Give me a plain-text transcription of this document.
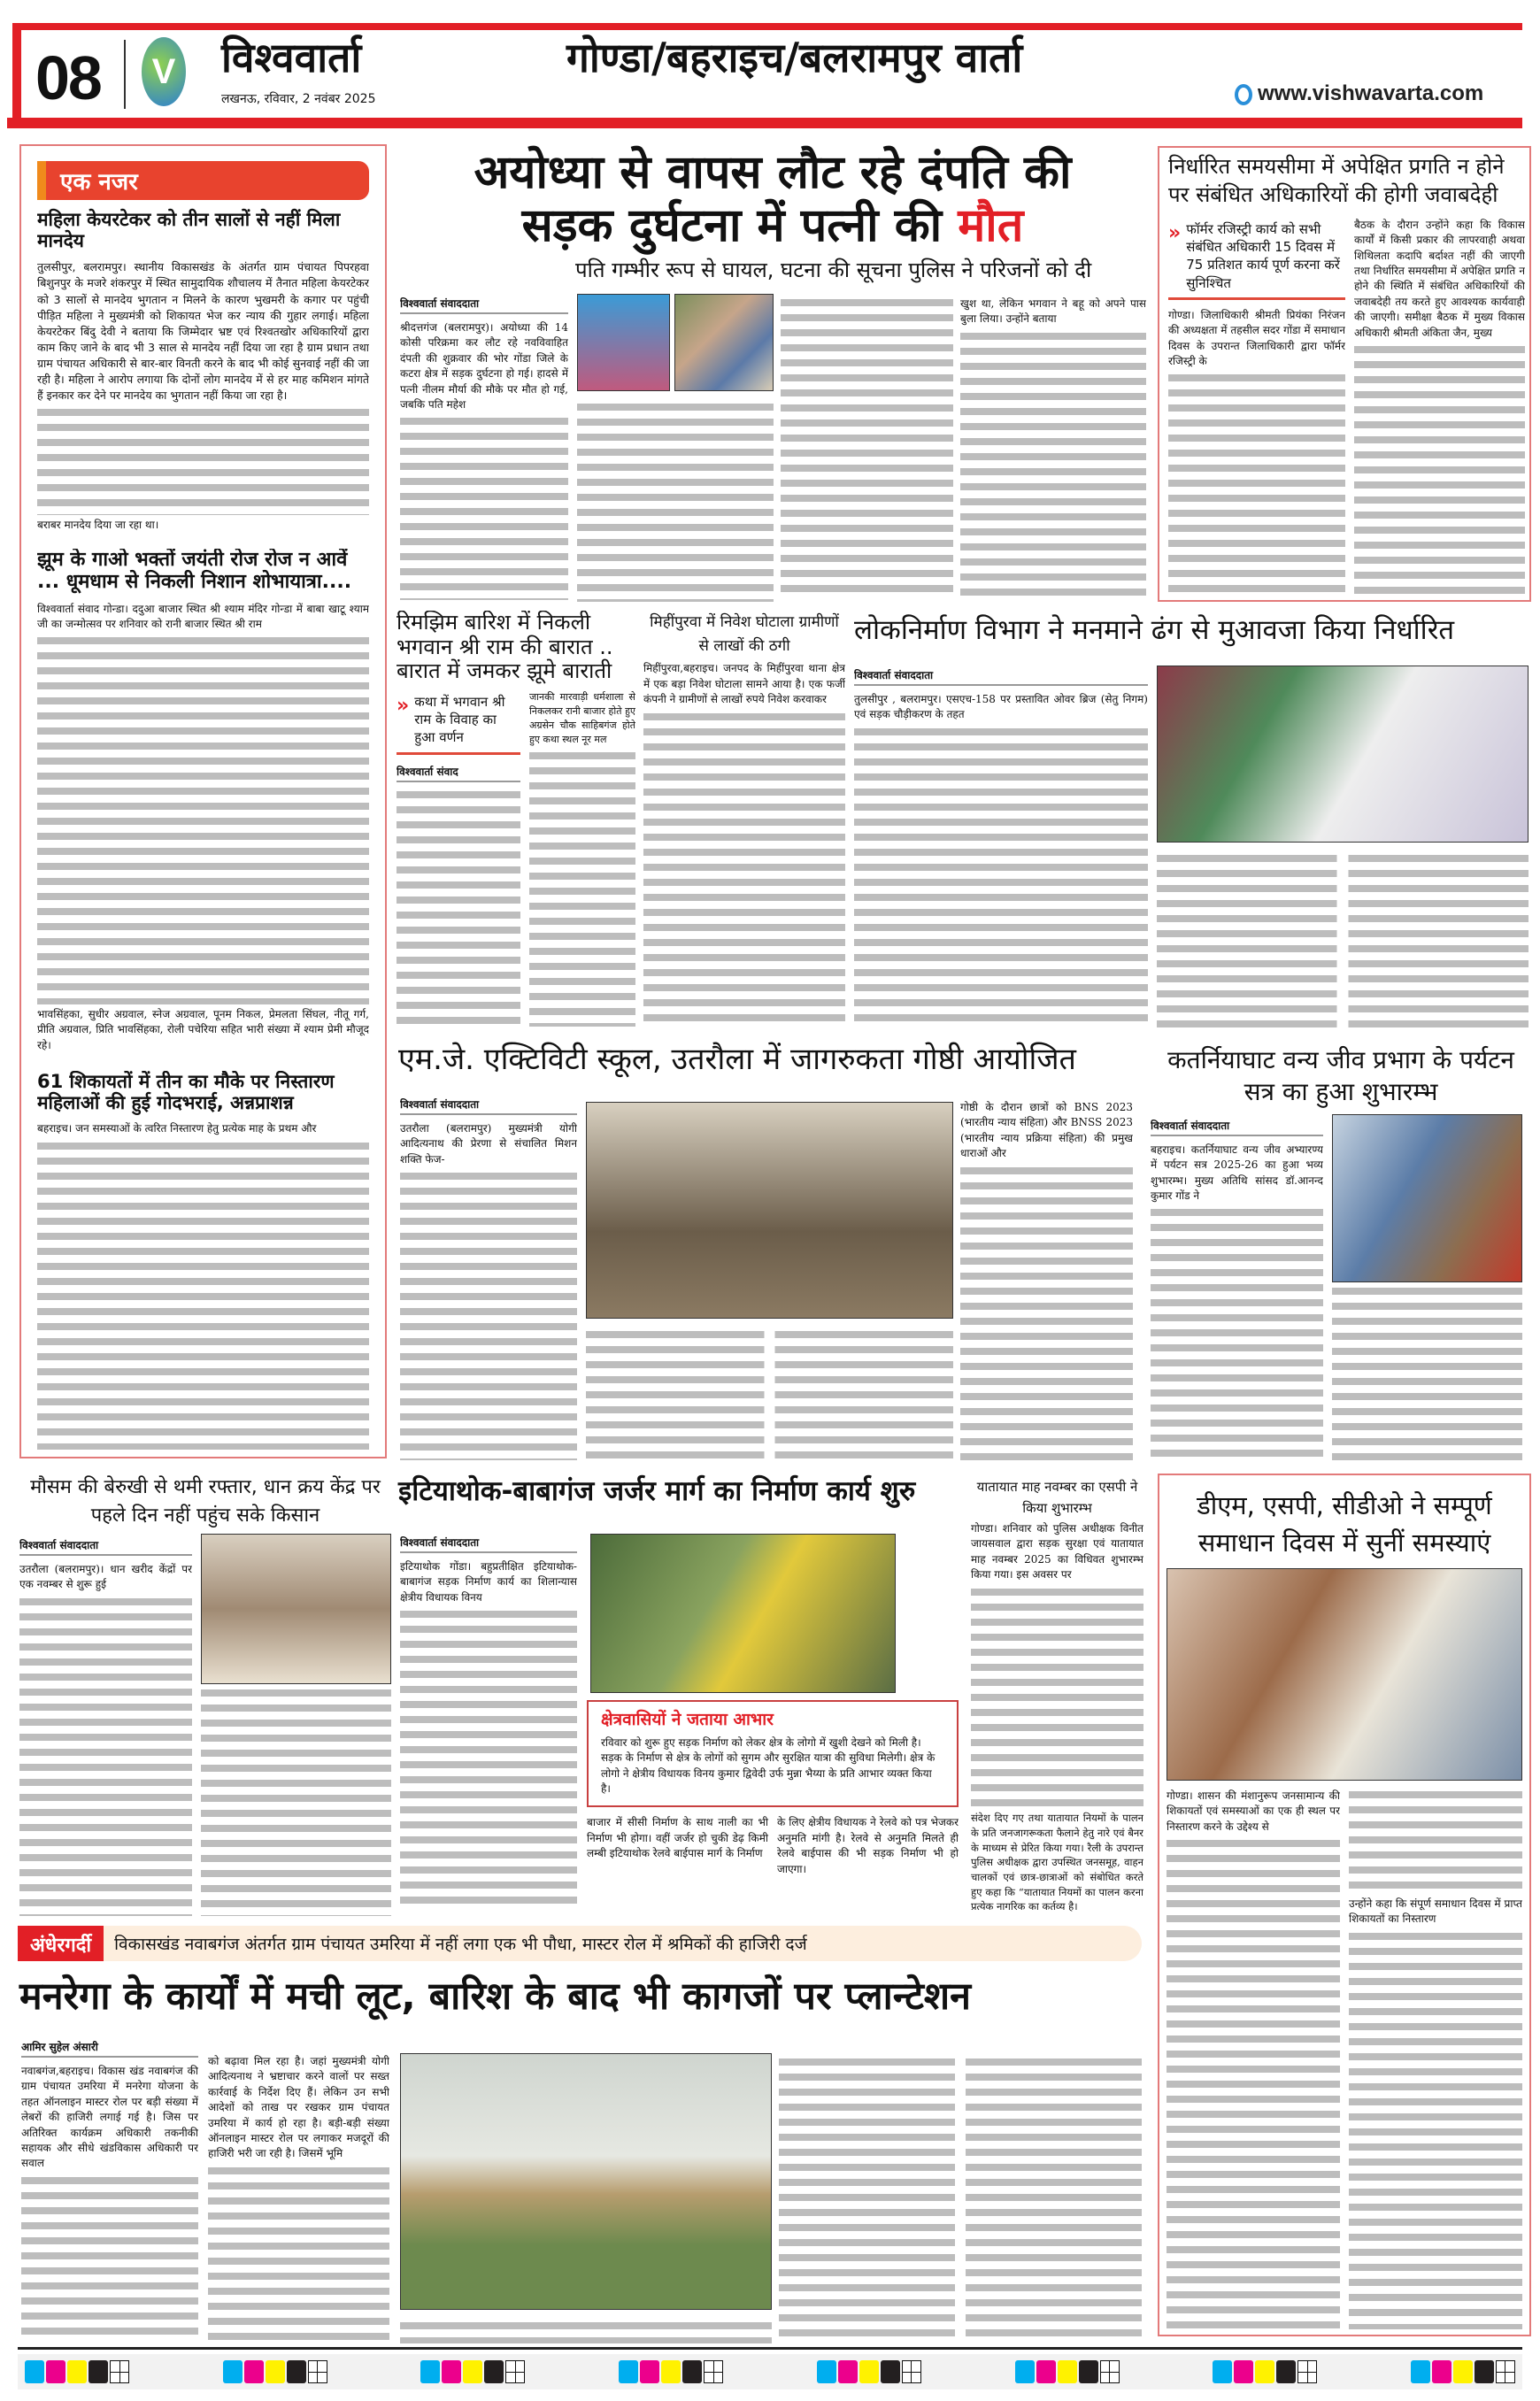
08 V विश्ववार्ता
लखनऊ, रविवार, 2 नवंबर 2025
गोण्डा/बहराइच/बलरामपुर वार्ता
www.vishwavarta.com
एक नजर
महिला केयरटेकर को तीन सालों से नहीं मिला मानदेय
तुलसीपुर, बलरामपुर। स्थानीय विकासखंड के अंतर्गत ग्राम पंचायत पिपरहवा बिशुनपुर के मजरे शंकरपुर में स्थित सामुदायिक शौचालय में तैनात महिला केयरटेकर को 3 सालों से मानदेय भुगतान न मिलने के कारण भुखमरी के कगार पर पहुंची पीड़ित महिला ने मुख्यमंत्री को शिकायत भेज कर न्याय की गुहार लगाई। महिला केयरटेकर बिंदु देवी ने बताया कि जिम्मेदार भ्रष्ट एवं रिश्वतखोर अधिकारियों द्वारा काम किए जाने के बाद भी 3 साल से मानदेय नहीं दिया जा रहा है ग्राम प्रधान तथा ग्राम पंचायत अधिकारी से बार-बार विनती करने के बाद भी कोई सुनवाई नहीं की जा रही है। महिला ने आरोप लगाया कि दोनों लोग मानदेय में से हर माह कमिशन मांगते हैं इनकार कर देने पर मानदेय का भुगतान नहीं किया जा रहा है।
बराबर मानदेय दिया जा रहा था।
झूम के गाओ भक्तों जयंती रोज रोज न आवें ... धूमधाम से निकली निशान शोभायात्रा....
विश्ववार्ता संवाद गोन्डा। ददुआ बाजार स्थित श्री श्याम मंदिर गोन्डा में बाबा खाटू श्याम जी का जन्मोत्सव पर शनिवार को रानी बाजार स्थित श्री राम
भावसिंहका, सुधीर अग्रवाल, स्नेज अग्रवाल, पूनम निकल, प्रेमलता सिंघल, नीतू गर्ग, प्रीति अग्रवाल, प्रिति भावसिंहका, रोली पचेरिया सहित भारी संख्या में श्याम प्रेमी मौजूद रहे।
61 शिकायतों में तीन का मौके पर निस्तारण महिलाओं की हुई गोदभराई, अन्नप्राशन्न
बहराइच। जन समस्याओं के त्वरित निस्तारण हेतु प्रत्येक माह के प्रथम और
अयोध्या से वापस लौट रहे दंपति की
सड़क दुर्घटना में पत्नी की मौत
विश्ववार्ता संवाददाता
श्रीदत्तगंज (बलरामपुर)। अयोध्या की 14 कोसी परिक्रमा कर लौट रहे नवविवाहित दंपती की शुक्रवार की भोर गोंडा जिले के कटरा क्षेत्र में सड़क दुर्घटना हो गई। हादसे में पत्नी नीलम मौर्या की मौके पर मौत हो गई, जबकि पति महेश
पति गम्भीर रूप से घायल, घटना की सूचना पुलिस ने परिजनों को दी
खुश था, लेकिन भगवान ने बहू को अपने पास बुला लिया। उन्होंने बताया
निर्धारित समयसीमा में अपेक्षित प्रगति न होने पर संबंधित अधिकारियों की होगी जवाबदेही
» फॉर्मर रजिस्ट्री कार्य को सभी संबंधित अधिकारी 15 दिवस में 75 प्रतिशत कार्य पूर्ण करना करें सुनिश्चित
गोण्डा। जिलाधिकारी श्रीमती प्रियंका निरंजन की अध्यक्षता में तहसील सदर गोंडा में समाधान दिवस के उपरान्त जिलाधिकारी द्वारा फॉर्मर रजिस्ट्री के
बैठक के दौरान उन्होंने कहा कि विकास कार्यों में किसी प्रकार की लापरवाही अथवा शिथिलता कदापि बर्दाश्त नहीं की जाएगी तथा निर्धारित समयसीमा में अपेक्षित प्रगति न होने की स्थिति में संबंधित अधिकारियों की जवाबदेही तय करते हुए आवश्यक कार्यवाही की जाएगी। समीक्षा बैठक में मुख्य विकास अधिकारी श्रीमती अंकिता जैन, मुख्य
रिमझिम बारिश में निकली भगवान श्री राम की बारात .. बारात में जमकर झूमे बाराती
» कथा में भगवान श्री राम के विवाह का हुआ वर्णन
विश्ववार्ता संवाद
जानकी मारवाड़ी धर्मशाला से निकलकर रानी बाजार होते हुए अग्रसेन चौक साहिबगंज होते हुए कथा स्थल नूर मल
मिहींपुरवा में निवेश घोटाला ग्रामीणों से लाखों की ठगी
मिहींपुरवा,बहराइच। जनपद के मिहींपुरवा थाना क्षेत्र में एक बड़ा निवेश घोटाला सामने आया है। एक फर्जी कंपनी ने ग्रामीणों से लाखों रुपये निवेश करवाकर
लोकनिर्माण विभाग ने मनमाने ढंग से मुआवजा किया निर्धारित
विश्ववार्ता संवाददाता
तुलसीपुर , बलरामपुर। एसएच-158 पर प्रस्तावित ओवर ब्रिज (सेतु निगम) एवं सड़क चौड़ीकरण के तहत
एम.जे. एक्टिविटी स्कूल, उतरौला में जागरुकता गोष्ठी आयोजित
विश्ववार्ता संवाददाता
उतरौला (बलरामपुर) मुख्यमंत्री योगी आदित्यनाथ की प्रेरणा से संचालित मिशन शक्ति फेज-
गोष्ठी के दौरान छात्रों को BNS 2023 (भारतीय न्याय संहिता) और BNSS 2023 (भारतीय न्याय प्रक्रिया संहिता) की प्रमुख धाराओं और
कतर्नियाघाट वन्य जीव प्रभाग के पर्यटन सत्र का हुआ शुभारम्भ
विश्ववार्ता संवाददाता
बहराइच। कतर्नियाघाट वन्य जीव अभ्यारण्य में पर्यटन सत्र 2025-26 का हुआ भव्य शुभारम्भ। मुख्य अतिथि सांसद डॉ.आनन्द कुमार गोंड ने
मौसम की बेरुखी से थमी रफ्तार, धान क्रय केंद्र पर पहले दिन नहीं पहुंच सके किसान
विश्ववार्ता संवाददाता
उतरौला (बलरामपुर)। धान खरीद केंद्रों पर एक नवम्बर से शुरू हुई
इटियाथोक-बाबागंज जर्जर मार्ग का निर्माण कार्य शुरु
विश्ववार्ता संवाददाता
इटियाथोक गोंडा। बहुप्रतीक्षित इटियाथोक-बाबागंज सड़क निर्माण कार्य का शिलान्यास क्षेत्रीय विधायक विनय
क्षेत्रवासियों ने जताया आभार
रविवार को शुरू हुए सड़क निर्माण को लेकर क्षेत्र के लोगो में खुशी देखने को मिली है। सड़क के निर्माण से क्षेत्र के लोगों को सुगम और सुरक्षित यात्रा की सुविधा मिलेगी। क्षेत्र के लोगो ने क्षेत्रीय विधायक विनय कुमार द्विवेदी उर्फ मुन्ना भैय्या के प्रति आभार व्यक्त किया है।
बाजार में सीसी निर्माण के साथ नाली का भी निर्माण भी होगा। वहीं जर्जर हो चुकी डेढ़ किमी लम्बी इटियाथोक रेलवे बाईपास मार्ग के निर्माण
के लिए क्षेत्रीय विधायक ने रेलवे को पत्र भेजकर अनुमति मांगी है। रेलवे से अनुमति मिलते ही रेलवे बाईपास की भी सड़क निर्माण भी हो जाएगा।
यातायात माह नवम्बर का एसपी ने किया शुभारम्भ
गोण्डा। शनिवार को पुलिस अधीक्षक विनीत जायसवाल द्वारा सड़क सुरक्षा एवं यातायात माह नवम्बर 2025 का विधिवत शुभारम्भ किया गया। इस अवसर पर
संदेश दिए गए तथा यातायात नियमों के पालन के प्रति जनजागरूकता फैलाने हेतु नारे एवं बैनर के माध्यम से प्रेरित किया गया। रैली के उपरान्त पुलिस अधीक्षक द्वारा उपस्थित जनसमूह, वाहन चालकों एवं छात्र-छात्राओं को संबोधित करते हुए कहा कि “यातायात नियमों का पालन करना प्रत्येक नागरिक का कर्तव्य है।
डीएम, एसपी, सीडीओ ने सम्पूर्ण समाधान दिवस में सुनीं समस्याएं
गोण्डा। शासन की मंशानुरूप जनसामान्य की शिकायतों एवं समस्याओं का एक ही स्थल पर निस्तारण करने के उद्देश्य से
उन्होंने कहा कि संपूर्ण समाधान दिवस में प्राप्त शिकायतों का निस्तारण
अंधेरगर्दी	विकासखंड नवाबगंज अंतर्गत ग्राम पंचायत उमरिया में नहीं लगा एक भी पौधा, मास्टर रोल में श्रमिकों की हाजिरी दर्ज
मनरेगा के कार्यों में मची लूट, बारिश के बाद भी कागजों पर प्लान्टेशन
आमिर सुहेल अंसारी
नवाबगंज,बहराइच। विकास खंड नवाबगंज की ग्राम पंचायत उमरिया में मनरेगा योजना के तहत ऑनलाइन मास्टर रोल पर बड़ी संख्या में लेबरों की हाजिरी लगाई गई है। जिस पर अतिरिक्त कार्यक्रम अधिकारी तकनीकी सहायक और सीधे खंडविकास अधिकारी पर सवाल
को बढ़ावा मिल रहा है। जहां मुख्यमंत्री योगी आदित्यनाथ ने भ्रष्टाचार करने वालों पर सख्त कार्रवाई के निर्देश दिए हैं। लेकिन उन सभी आदेशों को ताख पर रखकर ग्राम पंचायत उमरिया में कार्य हो रहा है। बड़ी-बड़ी संख्या ऑनलाइन मास्टर रोल पर लगाकर मजदूरों की हाजिरी भरी जा रही है। जिसमें भूमि
